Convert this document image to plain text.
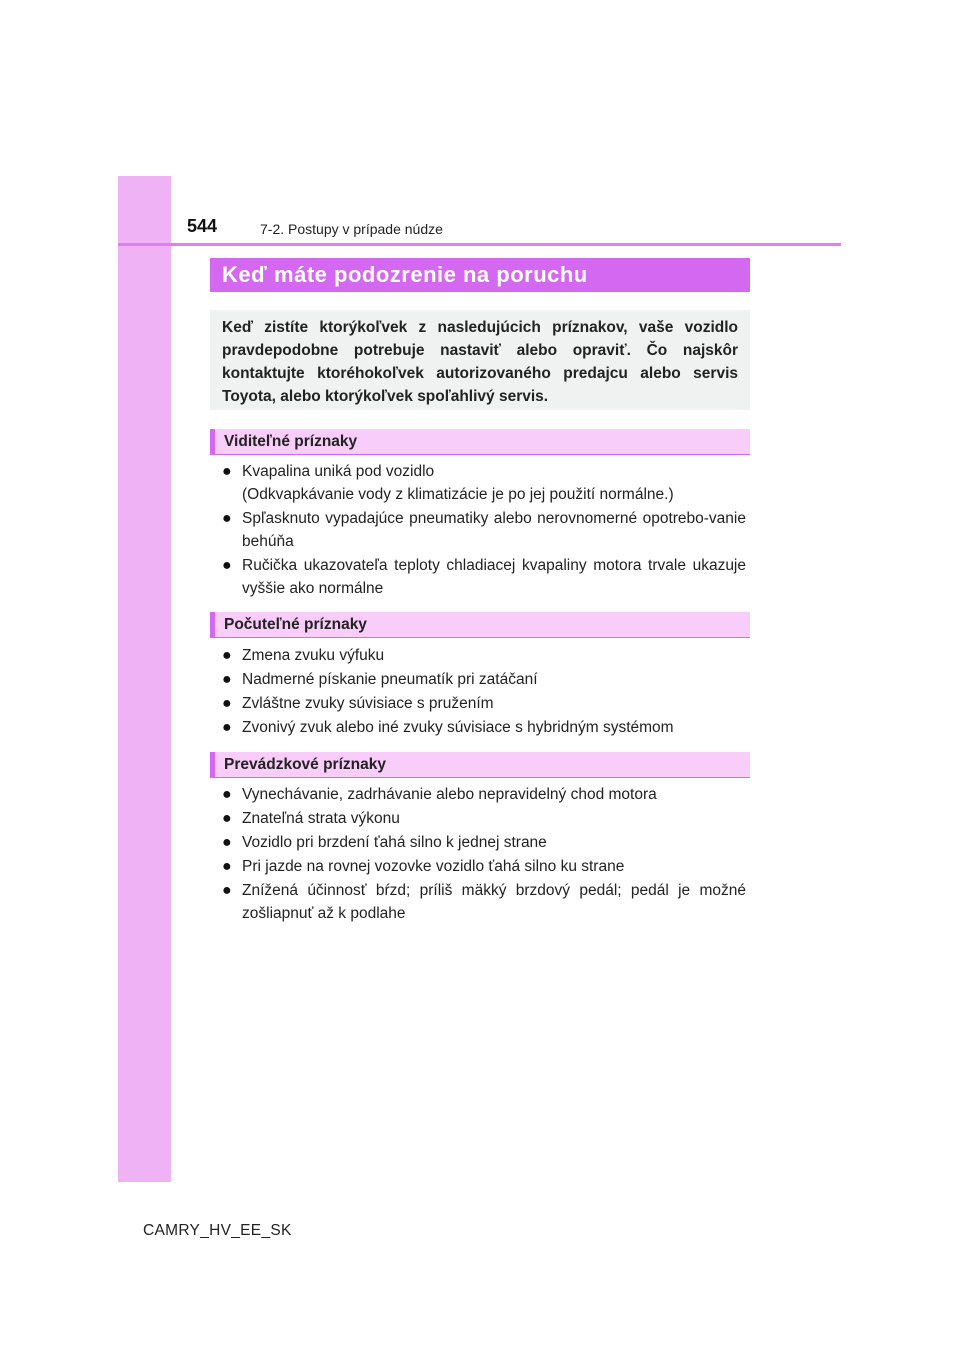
544	7-2. Postupy v prípade núdze
Keď máte podozrenie na poruchu
Keď zistíte ktorýkoľvek z nasledujúcich príznakov, vaše vozidlo pravdepodobne potrebuje nastaviť alebo opraviť. Čo najskôr kontaktujte ktoréhokoľvek autorizovaného predajcu alebo servis Toyota, alebo ktorýkoľvek spoľahlivý servis.
Viditeľné príznaky
● Kvapalina uniká pod vozidlo
(Odkvapkávanie vody z klimatizácie je po jej použití normálne.)
● Spľasknuto vypadajúce pneumatiky alebo nerovnomerné opotrebo-vanie behúňa
● Ručička ukazovateľa teploty chladiacej kvapaliny motora trvale ukazuje vyššie ako normálne
Počuteľné príznaky
● Zmena zvuku výfuku
● Nadmerné pískanie pneumatík pri zatáčaní
● Zvláštne zvuky súvisiace s pružením
● Zvonivý zvuk alebo iné zvuky súvisiace s hybridným systémom
Prevádzkové príznaky
● Vynechávanie, zadrhávanie alebo nepravidelný chod motora
● Znateľná strata výkonu
● Vozidlo pri brzdení ťahá silno k jednej strane
● Pri jazde na rovnej vozovke vozidlo ťahá silno ku strane
● Znížená účinnosť bŕzd; príliš mäkký brzdový pedál; pedál je možné zošliapnuť až k podlahe
CAMRY_HV_EE_SK
